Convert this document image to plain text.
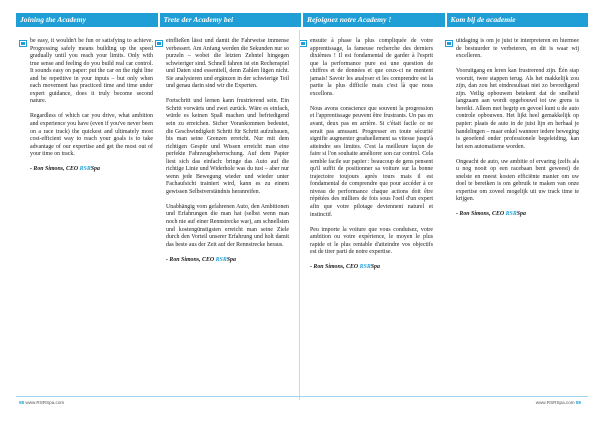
Joining the Academy	Trete der Academy bei	Rejoignez notre Academy !	Kom bij de academie

be easy, it wouldn't be fun or satisfying to achieve. Progressing safely means building up the speed gradually until you reach your limits. Only with true sense and feeling do you build real car control. It sounds easy on paper: put the car on the right line and be repetitive in your inputs – but only when each movement has practiced time and time under expert guidance, does it truly become second nature.

Regardless of which car you drive, what ambition and experience you have (even if you've never been on a race track) the quickest and ultimately most cost-efficient way to reach your goals is to take advantage of our expertise and get the most out of your time on track.

- Ron Simons, CEO RSRSpa

einfließen lässt und damit die Fahrweise immense verbessert. Am Anfang werden die Sekunden nur so purzeln – wobei die letzten Zehntel hingegen schwieriger sind. Schnell fahren ist ein Rechenspiel und Daten sind essentiell, denn Zahlen lügen nicht. Sie analysieren und ergänzen in der schwierige Teil und genau darin sind wir die Experten.

Fortschritt und lernen kann frustrierend sein. Ein Schritt vorwärts und zwei zurück. Wäre es einfach, würde es keinen Spaß machen und befriedigend sein zu erreichen. Sicher Vorankommen bedeutet, die Geschwindigkeit Schritt für Schritt aufzubauen, bis man seine Grenzen erreicht. Nur mit dem richtigen Gespür und Wissen erreicht man eine perfekte Fahrzeugbeherrschung. Auf dem Papier liest sich das einfach: bringe das Auto auf die richtige Linie und Widerhole was du tust – aber nur wenn jede Bewegung wieder und wieder unter Fachaufsicht trainiert wird, kann es zu einem gewissen Selbstverständnis heranreifen.

Unabhängig vom gefahrenen Auto, den Ambitionen und Erfahrungen die man hat (selbst wenn man noch nie auf einer Rennstrecke war), am schnellsten und kostengünstigsten erreicht man seine Ziele durch den Vorteil unserer Erfahrung und holt damit das beste aus der Zeit auf der Rennstrecke heraus.

- Ron Simons, CEO RSRSpa

ensuite à phase la plus compliquée de votre apprentissage, la fameuse recherche des derniers dixièmes ! Il est fondamental de garder à l'esprit que la performance pure est une question de chiffres et de données et que ceux-ci ne mentent jamais! Savoir les analyser et les comprendre est la partie la plus difficile mais c'est là que nous excellons.

Nous avons conscience que souvent la progression et l'apprentissage peuvent être frustrants. Un pas en avant, deux pas en arrière. Si c'était facile ce ne serait pas amusant. Progresser en toute sécurité signifie augmenter graduellement sa vitesse jusqu'à atteindre ses limites. C'est la meilleure façon de faire si l'on souhaite améliorer son car control. Cela semble facile sur papier : beaucoup de gens pensent qu'il suffit de positionner sa voiture sur la bonne trajectoire toujours après tours mais il est fondamental de comprendre que pour accéder à ce niveau de performance chaque actions doit être répétées des milliers de fois sous l'oeil d'un expert afin que votre pilotage deviennent naturel et instinctif.

Peu importe la voiture que vous conduisez, votre ambition ou votre expérience, le moyen le plus rapide et le plus rentable d'atteindre vos objectifs est de tirer parti de notre expertise.

- Ron Simons, CEO RSRSpa

uitdaging is om je juist te interpreteren en hiermee de bestuurder te verbeteren, en dit is waar wij excelleren.

Vooruitgang en leren kan frustrerend zijn. Één stap vooruit, twee stappen terug. Als het makkelijk zou zijn, dan zou het eindresultaat niet zo bevredigend zijn. Veilig opbouwen betekent dat de snelheid langzaam aan wordt opgebouwd tot uw grens is bereikt. Alleen met begrip en gevoel kunt u de auto controle opbouwen. Het lijkt heel gemakkelijk op papier: plaats de auto in de juist lijn en herhaal je handelingen – maar enkel wanneer iedere beweging is geoefend onder professionele begeleiding, kan het een automatisme worden.

Ongeacht de auto, uw ambitie of ervaring (zelfs als u nog nooit op een racebaan bent geweest) de snelste en meest kosten efficiënte manier om uw doel te bereiken is om gebruik te maken van onze expertise om zoveel mogelijk uit uw track time te krijgen.

- Ron Simons, CEO RSRSpa

58 www.RSRSpa.com	www.RSRSpa.com 59
